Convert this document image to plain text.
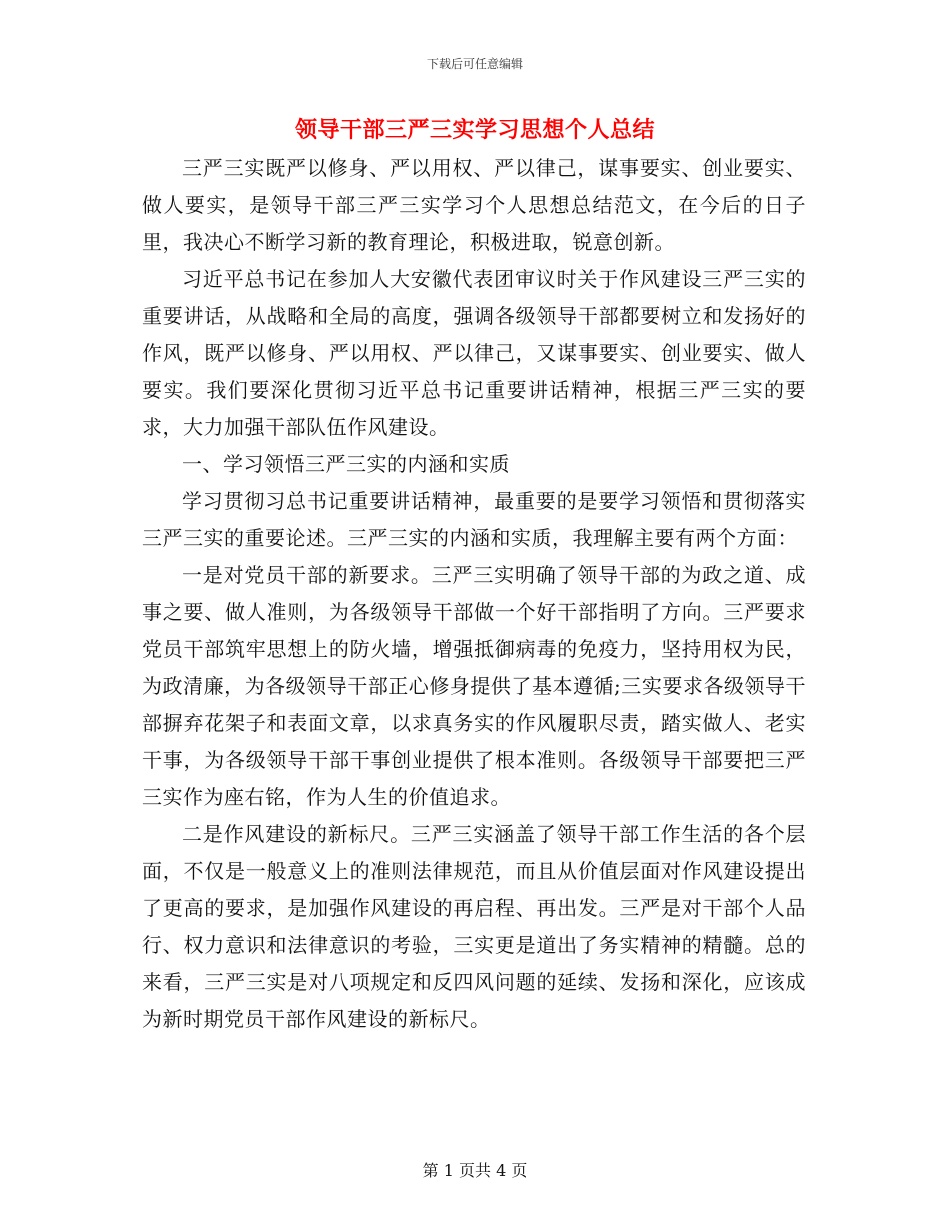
下载后可任意编辑
领导干部三严三实学习思想个人总结

三严三实既严以修身、严以用权、严以律己，谋事要实、创业要实、做人要实，是领导干部三严三实学习个人思想总结范文，在今后的日子里，我决心不断学习新的教育理论，积极进取，锐意创新。

习近平总书记在参加人大安徽代表团审议时关于作风建设三严三实的重要讲话，从战略和全局的高度，强调各级领导干部都要树立和发扬好的作风，既严以修身、严以用权、严以律己，又谋事要实、创业要实、做人要实。我们要深化贯彻习近平总书记重要讲话精神，根据三严三实的要求，大力加强干部队伍作风建设。

一、学习领悟三严三实的内涵和实质

学习贯彻习总书记重要讲话精神，最重要的是要学习领悟和贯彻落实三严三实的重要论述。三严三实的内涵和实质，我理解主要有两个方面：

一是对党员干部的新要求。三严三实明确了领导干部的为政之道、成事之要、做人准则，为各级领导干部做一个好干部指明了方向。三严要求党员干部筑牢思想上的防火墙，增强抵御病毒的免疫力，坚持用权为民，为政清廉，为各级领导干部正心修身提供了基本遵循;三实要求各级领导干部摒弃花架子和表面文章，以求真务实的作风履职尽责，踏实做人、老实干事，为各级领导干部干事创业提供了根本准则。各级领导干部要把三严三实作为座右铭，作为人生的价值追求。

二是作风建设的新标尺。三严三实涵盖了领导干部工作生活的各个层面，不仅是一般意义上的准则法律规范，而且从价值层面对作风建设提出了更高的要求，是加强作风建设的再启程、再出发。三严是对干部个人品行、权力意识和法律意识的考验，三实更是道出了务实精神的精髓。总的来看，三严三实是对八项规定和反四风问题的延续、发扬和深化，应该成为新时期党员干部作风建设的新标尺。

第 1 页共 4 页
